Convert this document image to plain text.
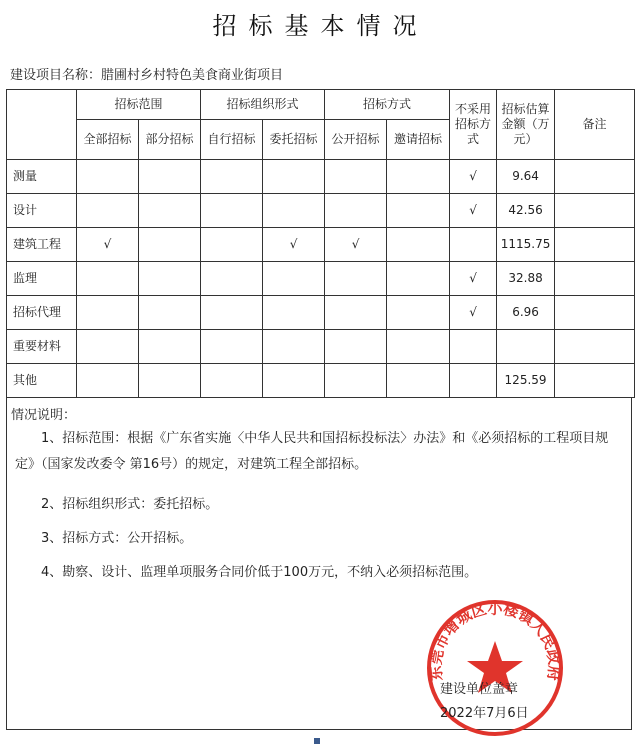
招标基本情况
建设项目名称：腊圃村乡村特色美食商业街项目
	招标范围		招标组织形式		招标方式		不采用招标方式	招标估算金额（万元）	备注
	全部招标	部分招标	自行招标	委托招标	公开招标	邀请招标			
测量							√	9.64	
设计							√	42.56	
建筑工程	√			√	√			1115.75	
监理							√	32.88	
招标代理							√	6.96	
重要材料									
其他								125.59	
情况说明：
1、招标范围：根据《广东省实施〈中华人民共和国招标投标法〉办法》和《必须招标的工程项目规定》（国家发改委令 第16号）的规定，对建筑工程全部招标。
2、招标组织形式：委托招标。
3、招标方式：公开招标。
4、勘察、设计、监理单项服务合同价低于100万元，不纳入必须招标范围。
东莞市增城区小楼镇人民政府
建设单位盖章
2022年7月6日
